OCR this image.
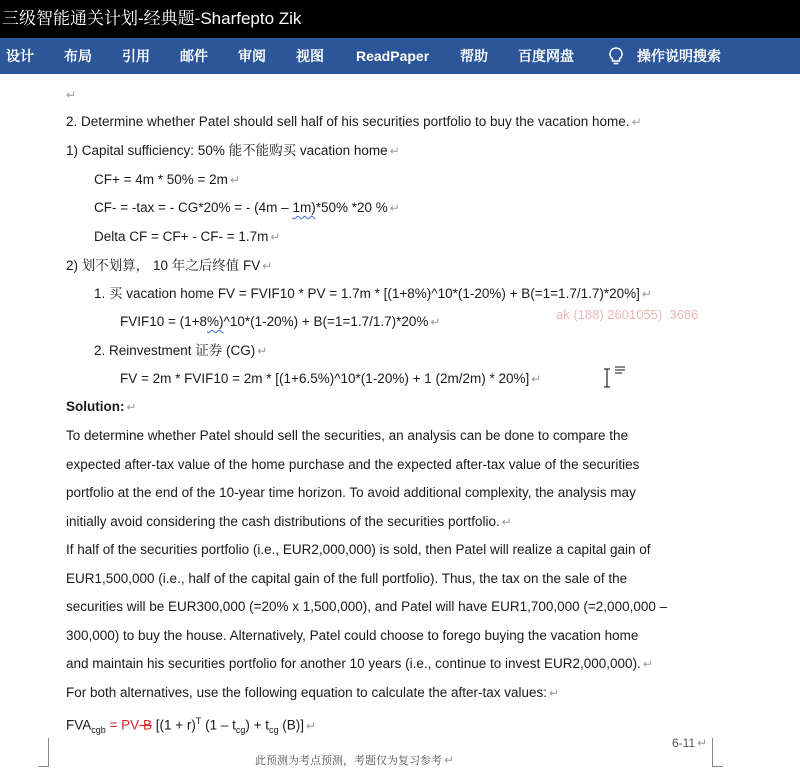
三级智能通关计划-经典题-Sharfepto Zik
设计 布局 引用 邮件 审阅 视图 ReadPaper 帮助 百度网盘	操作说明搜索
↵
2. Determine whether Patel should sell half of his securities portfolio to buy the vacation home. ↵
1) Capital sufficiency: 50% 能不能购买 vacation home ↵
CF+ = 4m * 50% = 2m ↵
CF- = -tax = - CG*20% = - (4m – 1m)*50% *20 % ↵
Delta CF = CF+ - CF- = 1.7m ↵
2) 划不划算， 10 年之后终值 FV ↵
1. 买 vacation home FV = FVIF10 * PV = 1.7m * [(1+8%)^10*(1-20%) + B(=1=1.7/1.7)*20%] ↵
FVIF10 = (1+8%)^10*(1-20%) + B(=1=1.7/1.7)*20% ↵
2. Reinvestment 证券 (CG) ↵
FV = 2m * FVIF10 = 2m * [(1+6.5%)^10*(1-20%) + 1 (2m/2m) * 20%] ↵
ak (188) 2601055) .3686
Solution: ↵
To determine whether Patel should sell the securities, an analysis can be done to compare the
expected after-tax value of the home purchase and the expected after-tax value of the securities
portfolio at the end of the 10-year time horizon. To avoid additional complexity, the analysis may
initially avoid considering the cash distributions of the securities portfolio. ↵
If half of the securities portfolio (i.e., EUR2,000,000) is sold, then Patel will realize a capital gain of
EUR1,500,000 (i.e., half of the capital gain of the full portfolio). Thus, the tax on the sale of the
securities will be EUR300,000 (=20% x 1,500,000), and Patel will have EUR1,700,000 (=2,000,000 –
300,000) to buy the house. Alternatively, Patel could choose to forego buying the vacation home
and maintain his securities portfolio for another 10 years (i.e., continue to invest EUR2,000,000). ↵
For both alternatives, use the following equation to calculate the after-tax values: ↵
$FVA_{cgb}$ = PV B [$(1 + r)^T$ $(1 - t_{cg}) + t_{cg}$ (B)] ↵
6-11 ↵
此预测为考点预测，考题仅为复习参考 ↵
